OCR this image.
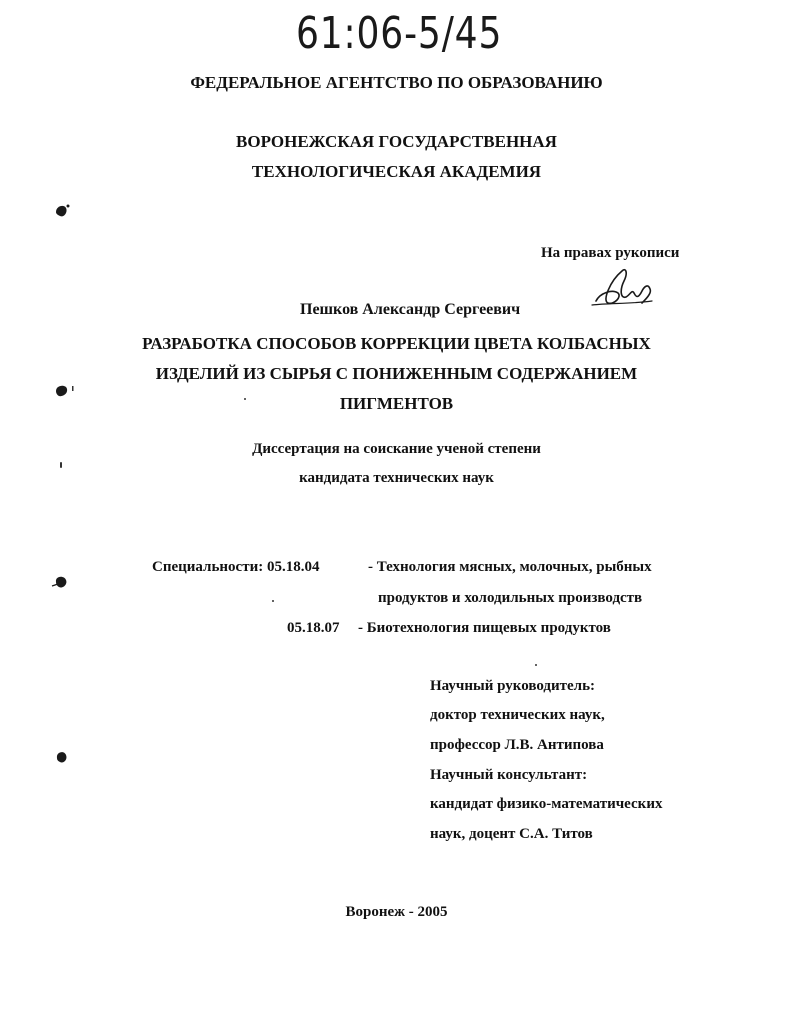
61:06-5/45
ФЕДЕРАЛЬНОЕ АГЕНТСТВО ПО ОБРАЗОВАНИЮ
ВОРОНЕЖСКАЯ ГОСУДАРСТВЕННАЯ
ТЕХНОЛОГИЧЕСКАЯ АКАДЕМИЯ
На правах рукописи
Пешков Александр Сергеевич
РАЗРАБОТКА СПОСОБОВ КОРРЕКЦИИ ЦВЕТА КОЛБАСНЫХ
ИЗДЕЛИЙ ИЗ СЫРЬЯ С ПОНИЖЕННЫМ СОДЕРЖАНИЕМ
ПИГМЕНТОВ
Диссертация на соискание ученой степени
кандидата технических наук
Специальности: 05.18.04	- Технология мясных, молочных, рыбных
продуктов и холодильных производств
05.18.07 - Биотехнология пищевых продуктов
Научный руководитель:
доктор технических наук,
профессор Л.В. Антипова
Научный консультант:
кандидат физико-математических
наук, доцент С.А. Титов
Воронеж - 2005
